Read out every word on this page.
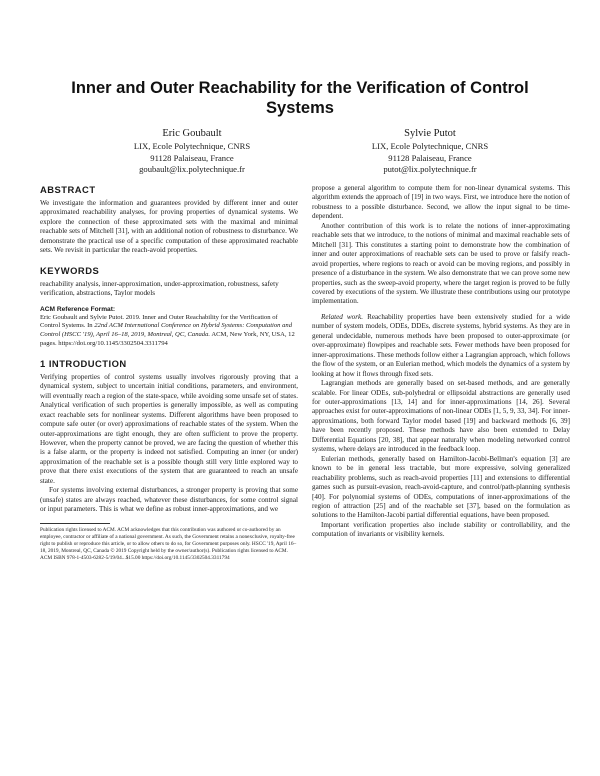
Inner and Outer Reachability for the Verification of Control Systems
Eric Goubault
LIX, Ecole Polytechnique, CNRS
91128 Palaiseau, France
goubault@lix.polytechnique.fr
Sylvie Putot
LIX, Ecole Polytechnique, CNRS
91128 Palaiseau, France
putot@lix.polytechnique.fr
ABSTRACT

We investigate the information and guarantees provided by different inner and outer approximated reachability analyses, for proving properties of dynamical systems. We explore the connection of these approximated sets with the maximal and minimal reachable sets of Mitchell [31], with an additional notion of robustness to disturbance. We demonstrate the practical use of a specific computation of these approximated reachable sets. We revisit in particular the reach-avoid properties.

KEYWORDS

reachability analysis, inner-approximation, under-approximation, robustness, safety verification, abstractions, Taylor models

ACM Reference Format:

Eric Goubault and Sylvie Putot. 2019. Inner and Outer Reachability for the Verification of Control Systems. In 22nd ACM International Conference on Hybrid Systems: Computation and Control (HSCC '19), April 16–18, 2019, Montreal, QC, Canada. ACM, New York, NY, USA, 12 pages. https://doi.org/10.1145/3302504.3311794

1 INTRODUCTION

Verifying properties of control systems usually involves rigorously proving that a dynamical system, subject to uncertain initial conditions, parameters, and environment, will eventually reach a region of the state-space, while avoiding some unsafe set of states. Analytical verification of such properties is generally impossible, as well as computing exact reachable sets for nonlinear systems. Different algorithms have been proposed to compute safe outer (or over) approximations of reachable states of the system. When the outer-approximations are tight enough, they are often sufficient to prove the property. However, when the property cannot be proved, we are facing the question of whether this is a false alarm, or the property is indeed not satisfied. Computing an inner (or under) approximation of the reachable set is a possible though still very little explored way to prove that there exist executions of the system that are guaranteed to reach an unsafe state.

For systems involving external disturbances, a stronger property is proving that some (unsafe) states are always reached, whatever these disturbances, for some control signal or input parameters. This is what we define as robust inner-approximations, and we

Publication rights licensed to ACM. ACM acknowledges that this contribution was authored or co-authored by an employee, contractor or affiliate of a national government. As such, the Government retains a nonexclusive, royalty-free right to publish or reproduce this article, or to allow others to do so, for Government purposes only. HSCC '19, April 16–18, 2019, Montreal, QC, Canada © 2019 Copyright held by the owner/author(s). Publication rights licensed to ACM. ACM ISBN 978-1-4503-6282-5/19/04...$15.00 https://doi.org/10.1145/3302504.3311794

propose a general algorithm to compute them for non-linear dynamical systems. This algorithm extends the approach of [19] in two ways. First, we introduce here the notion of robustness to a possible disturbance. Second, we allow the input signal to be time-dependent.

Another contribution of this work is to relate the notions of inner-approximating reachable sets that we introduce, to the notions of minimal and maximal reachable sets of Mitchell [31]. This constitutes a starting point to demonstrate how the combination of inner and outer approximations of reachable sets can be used to prove or falsify reach-avoid properties, where regions to reach or avoid can be moving regions, and possibly in presence of a disturbance in the system. We also demonstrate that we can prove some new properties, such as the sweep-avoid property, where the target region is proved to be fully covered by executions of the system. We illustrate these contributions using our prototype implementation.

Related work. Reachability properties have been extensively studied for a wide number of system models, ODEs, DDEs, discrete systems, hybrid systems. As they are in general undecidable, numerous methods have been proposed to outer-approximate (or over-approximate) flowpipes and reachable sets. Fewer methods have been proposed for inner-approximations. These methods follow either a Lagrangian approach, which follows the flow of the system, or an Eulerian method, which models the dynamics of a system by looking at how it flows through fixed sets.

Lagrangian methods are generally based on set-based methods, and are generally scalable. For linear ODEs, sub-polyhedral or ellipsoidal abstractions are generally used for outer-approximations [13, 14] and for inner-approximations [14, 26]. Several approaches exist for outer-approximations of non-linear ODEs [1, 5, 9, 33, 34]. For inner-approximations, both forward Taylor model based [19] and backward methods [6, 39] have been recently proposed. These methods have also been extended to Delay Differential Equations [20, 38], that appear naturally when modeling networked control systems, where delays are introduced in the feedback loop.

Eulerian methods, generally based on Hamilton-Jacobi-Bellman's equation [3] are known to be in general less tractable, but more expressive, solving generalized reachability problems, such as reach-avoid properties [11] and extensions to differential games such as pursuit-evasion, reach-avoid-capture, and control/path-planning synthesis [40]. For polynomial systems of ODEs, computations of inner-approximations of the region of attraction [25] and of the reachable set [37], based on the formulation as solutions to the Hamilton-Jacobi partial differential equations, have been proposed.

Important verification properties also include stability or controllability, and the computation of invariants or visibility kernels.
